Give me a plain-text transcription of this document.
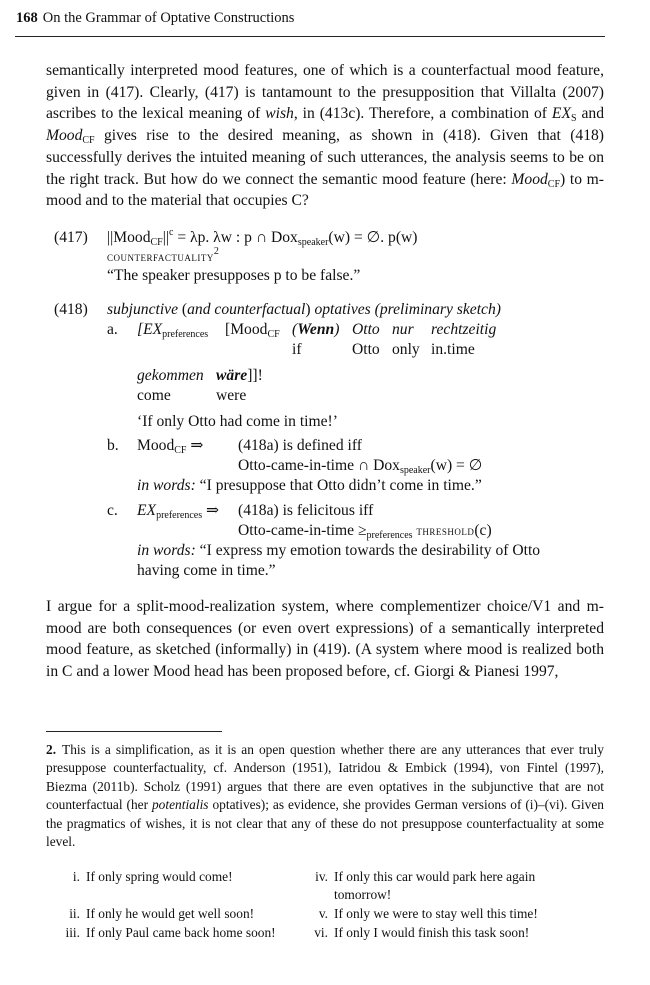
168 On the Grammar of Optative Constructions
semantically interpreted mood features, one of which is a counterfactual mood feature, given in (417). Clearly, (417) is tantamount to the presupposition that Villalta (2007) ascribes to the lexical meaning of wish, in (413c). Therefore, a combination of $EX_S$ and Mood$_{CF}$ gives rise to the desired meaning, as shown in (418). Given that (418) successfully derives the intuited meaning of such utterances, the analysis seems to be on the right track. But how do we connect the semantic mood feature (here: Mood$_{CF}$) to m-mood and to the material that occupies C?
(417) $||Mood_{CF}||^c = \lambda p$. λw : p ∩ Dox$_{speaker}$(w) = ∅. p(w)
counterfactuality$^2$
“The speaker presupposes p to be false.”
(418) subjunctive (and counterfactual) optatives (preliminary sketch)
a. [$EX_{preferences}$ [Mood$_{CF}$ (Wenn) Otto nur rechtzeitig
if	Otto only in.time
gekommen wäre]]!
come	were
‘If only Otto had come in time!’
b. Mood$_{CF}$ ⇒ (418a) is defined iff
Otto-came-in-time ∩ Dox$_{speaker}$(w) = ∅
in words: “I presuppose that Otto didn’t come in time.”
c. $EX_{preferences}$ ⇒ (418a) is felicitous iff
Otto-came-in-time $\ge_{preferences}$ threshold(c)
in words: “I express my emotion towards the desirability of Otto
having come in time.”
I argue for a split-mood-realization system, where complementizer choice/V1 and m-mood are both consequences (or even overt expressions) of a semantically interpreted mood feature, as sketched (informally) in (419). (A system where mood is realized both in C and a lower Mood head has been proposed before, cf. Giorgi & Pianesi 1997,
2. This is a simplification, as it is an open question whether there are any utterances that ever truly presuppose counterfactuality, cf. Anderson (1951), Iatridou & Embick (1994), von Fintel (1997), Biezma (2011b). Scholz (1991) argues that there are even optatives in the subjunctive that are not counterfactual (her potentialis optatives); as evidence, she provides German versions of (i)–(vi). Given the pragmatics of wishes, it is not clear that any of these do not presuppose counterfactuality at some level.
i. If only spring would come!
ii. If only he would get well soon!
iii. If only Paul came back home soon!
iv. If only this car would park here again
tomorrow!
v. If only we were to stay well this time!
vi. If only I would finish this task soon!
